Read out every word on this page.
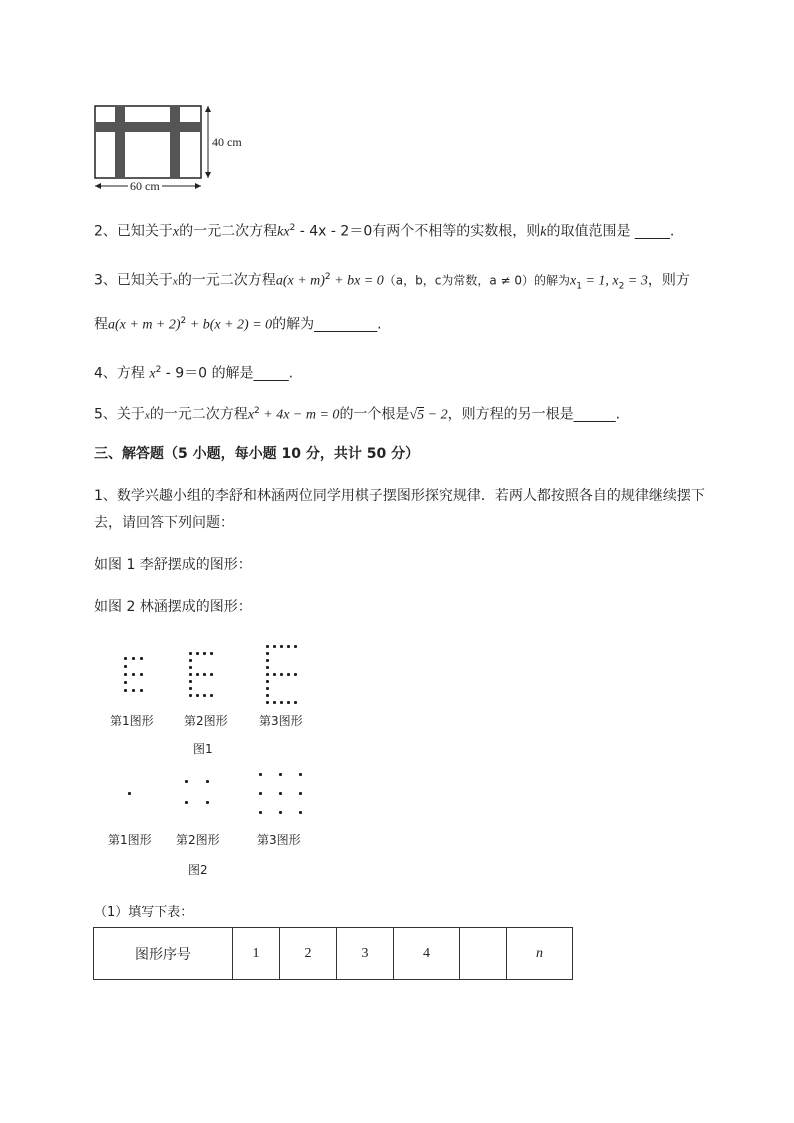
40 cm
60 cm
2、已知关于x的一元二次方程$kx^2 - 4x - 2=0$有两个不相等的实数根，则k的取值范围是 _____.
3、已知关于x的一元二次方程$a(x + m)^2$ + bx = 0（a，b，c为常数，a ≠ 0）的解为$x_1 = 1$, $x_2 = 3$，则方
程$a(x + m + 2)^2 + b(x + 2) = 0$的解为_________.
4、方程 $x^2 - 9=0$ 的解是_____.
5、关于x的一元二次方程$x^2 + 4x - m = 0$的一个根是√5 − 2，则方程的另一根是______.
三、解答题（5 小题，每小题 10 分，共计 50 分）
1、数学兴趣小组的李舒和林涵两位同学用棋子摆图形探究规律．若两人都按照各自的规律继续摆下
去，请回答下列问题：
如图 1 李舒摆成的图形：
如图 2 林涵摆成的图形：
第1图形	第2图形	第3图形
图1
第1图形 第2图形	第3图形
图2
（1）填写下表：
图形序号	1	2	3	4		n
